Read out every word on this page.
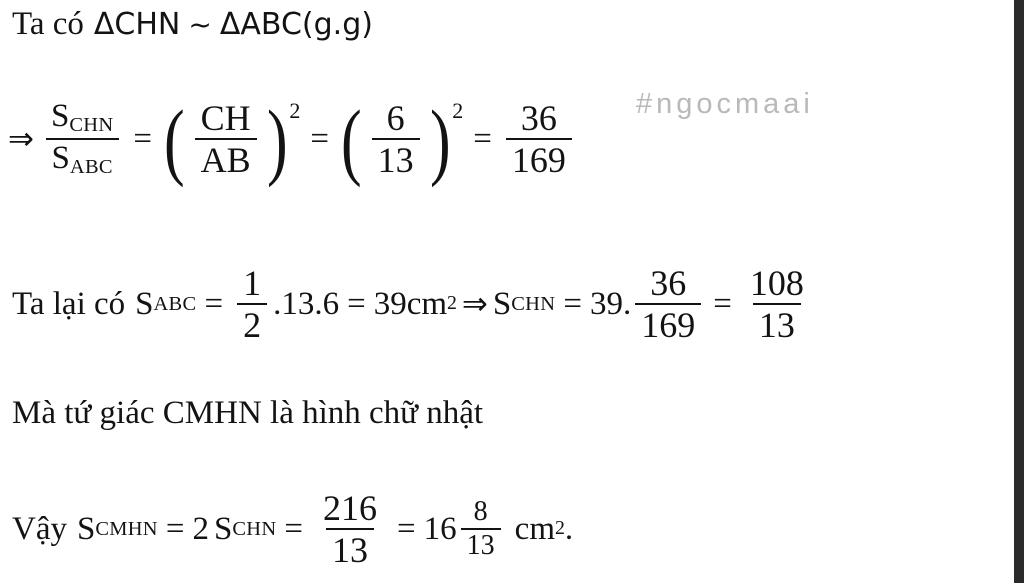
#ngocmaai
Ta có ΔCHN ~ ΔABC(g.g)
⇒ $\frac{S_{CHN}}{S_{ABC}}$ = ( $\frac{CH}{AB}$ ) 2
= ( $\frac{6}{13}$ ) 2
= $\frac{36}{169}$
Ta lại có S ABC = $\frac{1}{2} .13.6 = 39cm$ 2 ⇒ S CHN = 39. $\frac{36}{169} = \frac{108}{13}$
Mà tứ giác CMHN là hình chữ nhật
Vậy S CMHN = 2 S CHN = $\frac{216}{13} = 16 \frac{8}{13}$ cm 2 .
